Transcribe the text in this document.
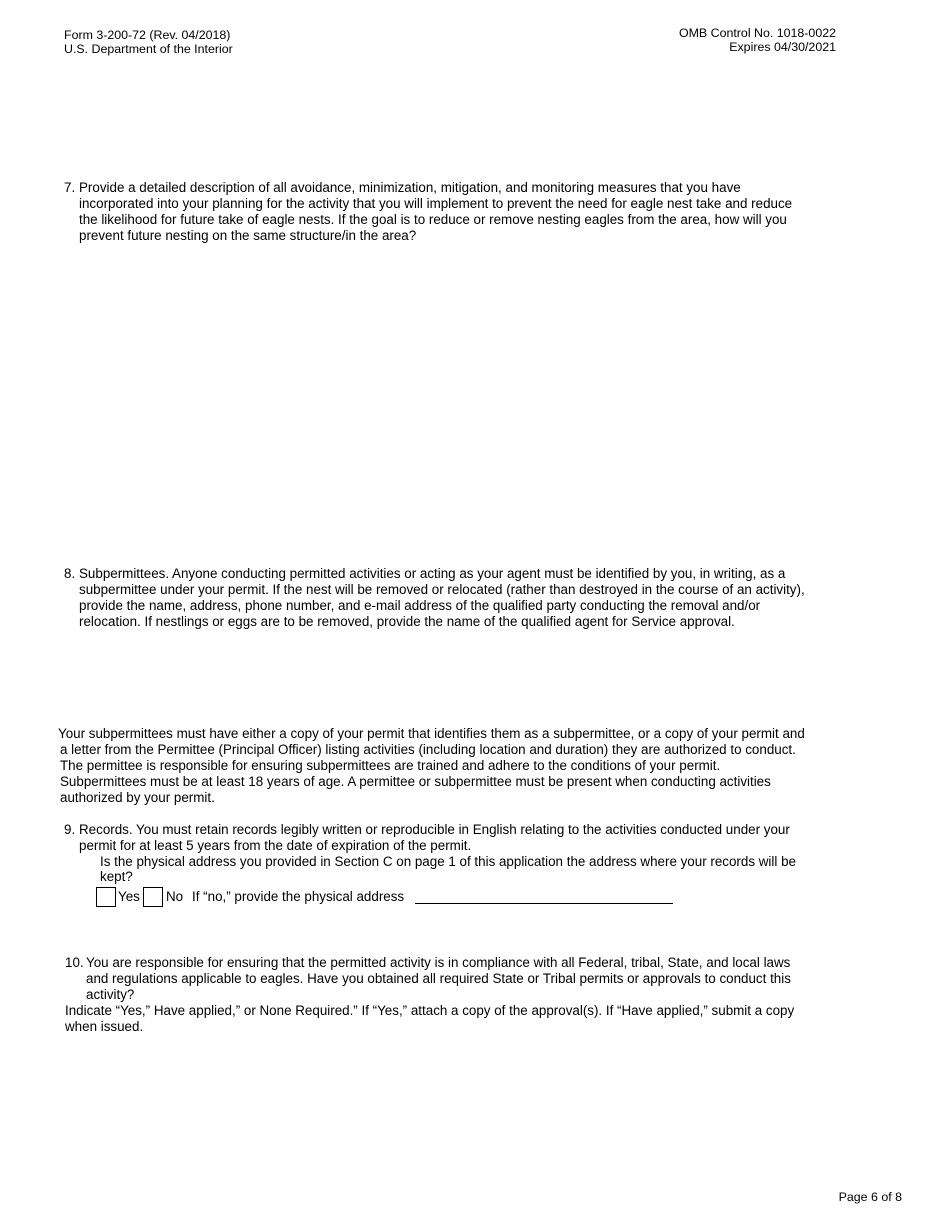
Form 3-200-72 (Rev. 04/2018)
U.S. Department of the Interior
OMB Control No. 1018-0022
Expires 04/30/2021
7. Provide a detailed description of all avoidance, minimization, mitigation, and monitoring measures that you have
incorporated into your planning for the activity that you will implement to prevent the need for eagle nest take and reduce
the likelihood for future take of eagle nests. If the goal is to reduce or remove nesting eagles from the area, how will you
prevent future nesting on the same structure/in the area?
8. Subpermittees. Anyone conducting permitted activities or acting as your agent must be identified by you, in writing, as a
subpermittee under your permit. If the nest will be removed or relocated (rather than destroyed in the course of an activity),
provide the name, address, phone number, and e-mail address of the qualified party conducting the removal and/or
relocation. If nestlings or eggs are to be removed, provide the name of the qualified agent for Service approval.
Your subpermittees must have either a copy of your permit that identifies them as a subpermittee, or a copy of your permit and
a letter from the Permittee (Principal Officer) listing activities (including location and duration) they are authorized to conduct.
The permittee is responsible for ensuring subpermittees are trained and adhere to the conditions of your permit.
Subpermittees must be at least 18 years of age. A permittee or subpermittee must be present when conducting activities
authorized by your permit.
9. Records. You must retain records legibly written or reproducible in English relating to the activities conducted under your
permit for at least 5 years from the date of expiration of the permit.
Is the physical address you provided in Section C on page 1 of this application the address where your records will be
kept?
Yes No If “no,” provide the physical address
10. You are responsible for ensuring that the permitted activity is in compliance with all Federal, tribal, State, and local laws
and regulations applicable to eagles. Have you obtained all required State or Tribal permits or approvals to conduct this
activity?
Indicate “Yes,” Have applied,” or None Required.” If “Yes,” attach a copy of the approval(s). If “Have applied,” submit a copy
when issued.
Page 6 of 8
